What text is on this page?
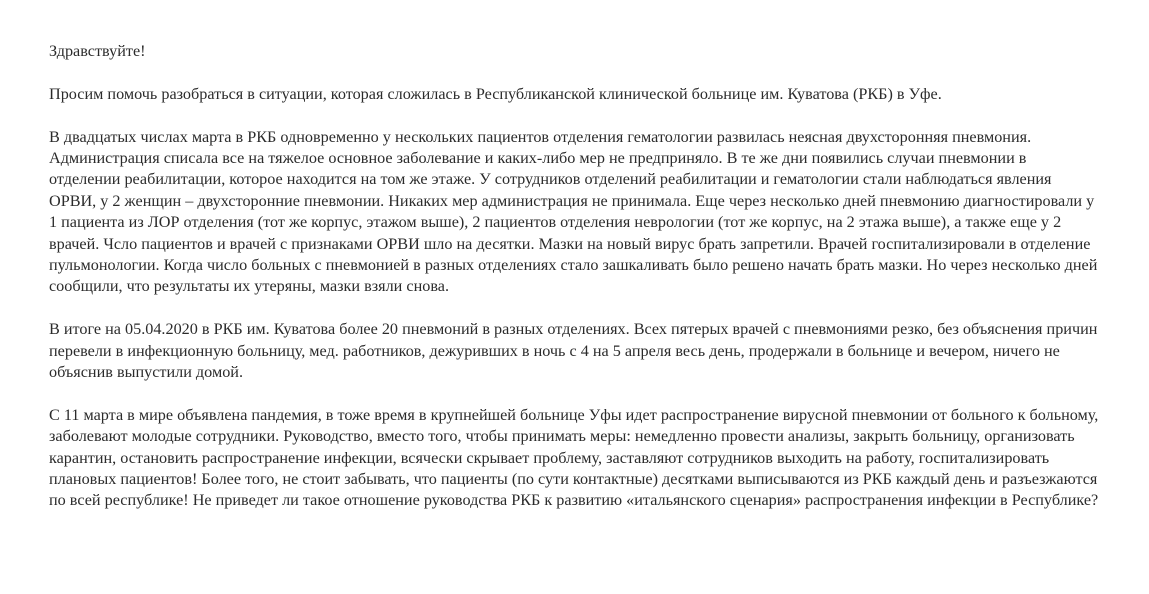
Здравствуйте!

Просим помочь разобраться в ситуации, которая сложилась в Республиканской клинической больнице им. Куватова (РКБ) в Уфе.

В двадцатых числах марта в РКБ одновременно у нескольких пациентов отделения гематологии развилась неясная двухсторонняя пневмония. Администрация списала все на тяжелое основное заболевание и каких-либо мер не предприняло. В те же дни появились случаи пневмонии в отделении реабилитации, которое находится на том же этаже. У сотрудников отделений реабилитации и гематологии стали наблюдаться явления ОРВИ, у 2 женщин – двухсторонние пневмонии. Никаких мер администрация не принимала. Еще через несколько дней пневмонию диагностировали у 1 пациента из ЛОР отделения (тот же корпус, этажом выше), 2 пациентов отделения неврологии (тот же корпус, на 2 этажа выше), а также еще у 2 врачей. Чсло пациентов и врачей с признаками ОРВИ шло на десятки. Мазки на новый вирус брать запретили. Врачей госпитализировали в отделение пульмонологии. Когда число больных с пневмонией в разных отделениях стало зашкаливать было решено начать брать мазки. Но через несколько дней сообщили, что результаты их утеряны, мазки взяли снова.

В итоге на 05.04.2020 в РКБ им. Куватова более 20 пневмоний в разных отделениях. Всех пятерых врачей с пневмониями резко, без объяснения причин перевели в инфекционную больницу, мед. работников, дежуривших в ночь с 4 на 5 апреля весь день, продержали в больнице и вечером, ничего не объяснив выпустили домой.

С 11 марта в мире объявлена пандемия, в тоже время в крупнейшей больнице Уфы идет распространение вирусной пневмонии от больного к больному, заболевают молодые сотрудники. Руководство, вместо того, чтобы принимать меры: немедленно провести анализы, закрыть больницу, организовать карантин, остановить распространение инфекции, всячески скрывает проблему, заставляют сотрудников выходить на работу, госпитализировать плановых пациентов! Более того, не стоит забывать, что пациенты (по сути контактные) десятками выписываются из РКБ каждый день и разъезжаются по всей республике! Не приведет ли такое отношение руководства РКБ к развитию «итальянского сценария» распространения инфекции в Республике?
